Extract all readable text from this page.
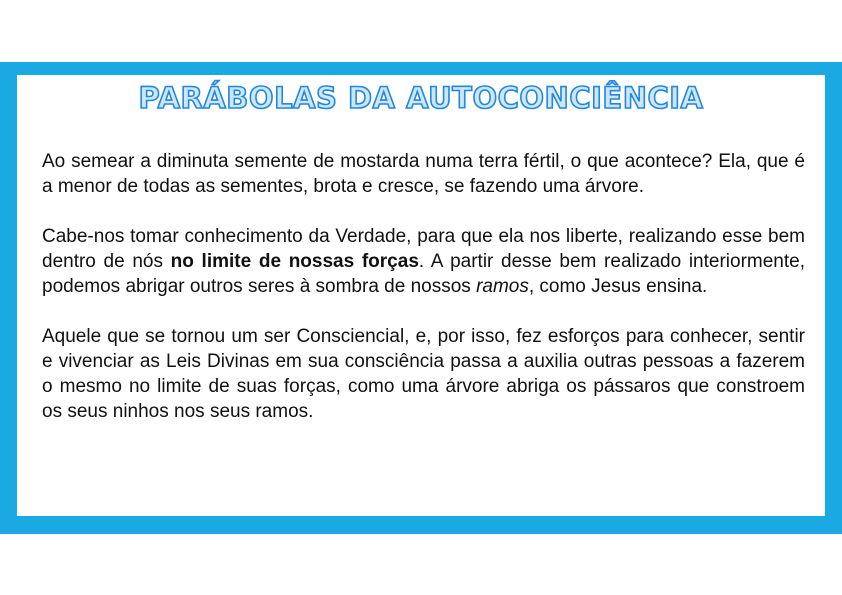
PARÁBOLAS DA AUTOCONCIÊNCIA

Ao semear a diminuta semente de mostarda numa terra fértil, o que acontece? Ela, que é a menor de todas as sementes, brota e cresce, se fazendo uma árvore.

Cabe-nos tomar conhecimento da Verdade, para que ela nos liberte, realizando esse bem dentro de nós no limite de nossas forças. A partir desse bem realizado interiormente, podemos abrigar outros seres à sombra de nossos ramos, como Jesus ensina.

Aquele que se tornou um ser Consciencial, e, por isso, fez esforços para conhecer, sentir e vivenciar as Leis Divinas em sua consciência passa a auxilia outras pessoas a fazerem o mesmo no limite de suas forças, como uma árvore abriga os pássaros que constroem os seus ninhos nos seus ramos.
